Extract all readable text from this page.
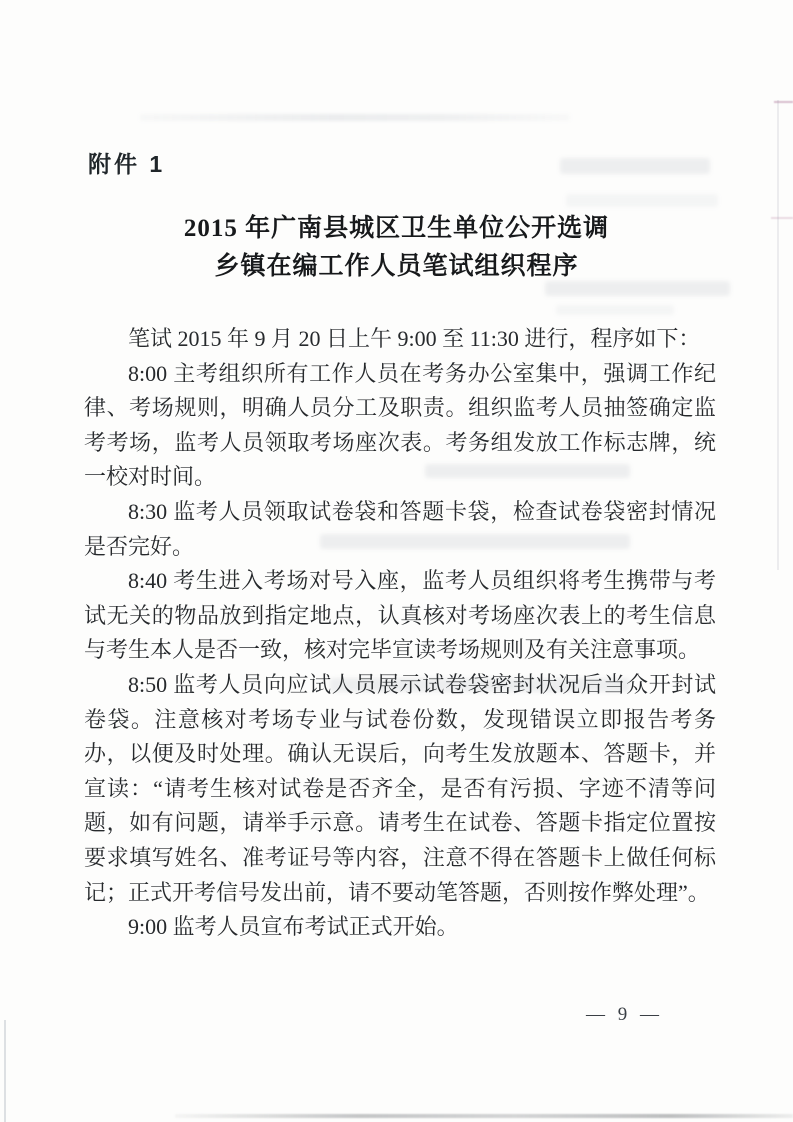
附件 1
2015 年广南县城区卫生单位公开选调
乡镇在编工作人员笔试组织程序

笔试 2015 年 9 月 20 日上午 9:00 至 11:30 进行，程序如下：

8:00 主考组织所有工作人员在考务办公室集中，强调工作纪律、考场规则，明确人员分工及职责。组织监考人员抽签确定监考考场，监考人员领取考场座次表。考务组发放工作标志牌，统一校对时间。

8:30 监考人员领取试卷袋和答题卡袋，检查试卷袋密封情况是否完好。

8:40 考生进入考场对号入座，监考人员组织将考生携带与考试无关的物品放到指定地点，认真核对考场座次表上的考生信息与考生本人是否一致，核对完毕宣读考场规则及有关注意事项。

8:50 监考人员向应试人员展示试卷袋密封状况后当众开封试卷袋。注意核对考场专业与试卷份数，发现错误立即报告考务办，以便及时处理。确认无误后，向考生发放题本、答题卡，并宣读：“请考生核对试卷是否齐全，是否有污损、字迹不清等问题，如有问题，请举手示意。请考生在试卷、答题卡指定位置按要求填写姓名、准考证号等内容，注意不得在答题卡上做任何标记；正式开考信号发出前，请不要动笔答题，否则按作弊处理”。

9:00 监考人员宣布考试正式开始。

— 9 —
